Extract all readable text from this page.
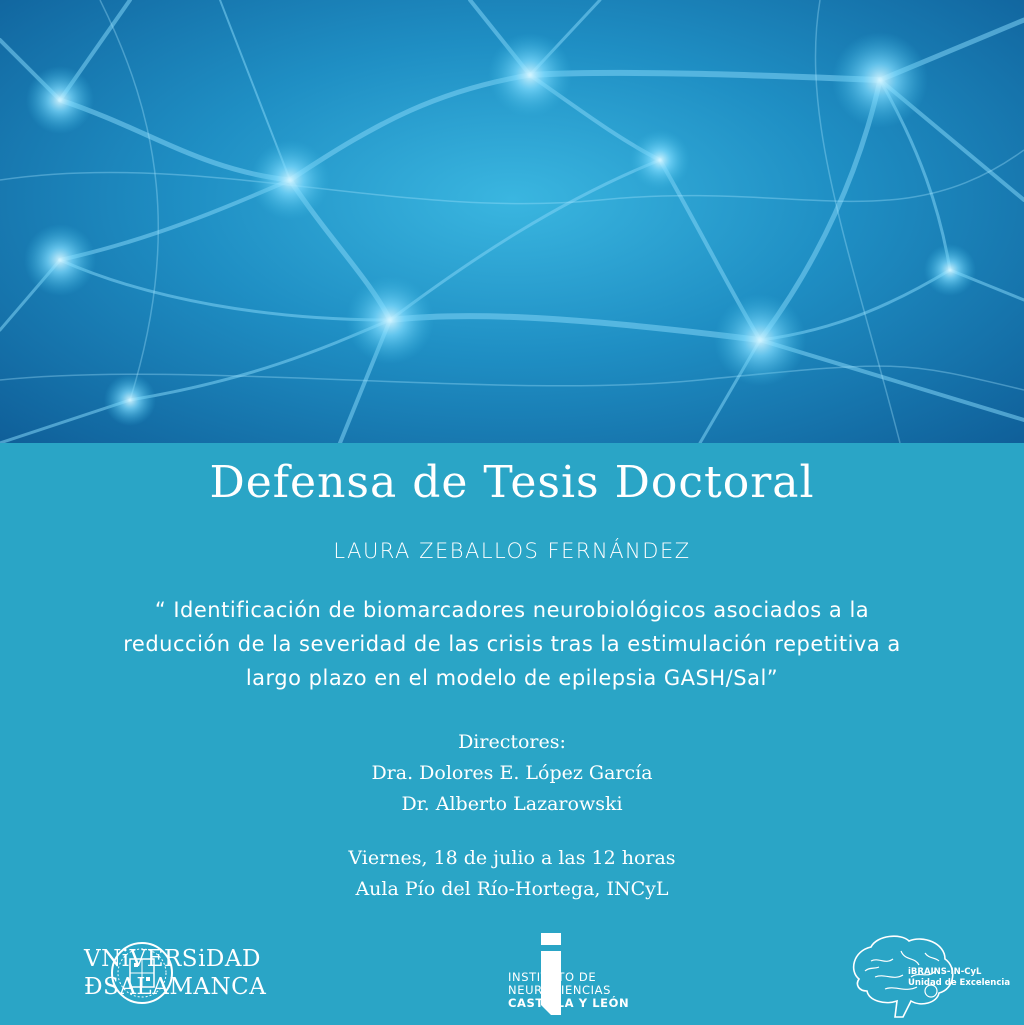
Defensa de Tesis Doctoral
LAURA ZEBALLOS FERNÁNDEZ
“ Identificación de biomarcadores neurobiológicos asociados a la
reducción de la severidad de las crisis tras la estimulación repetitiva a
largo plazo en el modelo de epilepsia GASH/Sal”
Directores:
Dra. Dolores E. López García
Dr. Alberto Lazarowski
Viernes, 18 de julio a las 12 horas
Aula Pío del Río-Hortega, INCyL
VNiVERSiDAD
ÐSALAMANCA	INSTITUTO DE
NEUROCIENCIAS
CASTILLA Y LEÓN
iBRAINS-IN-CyL
Unidad de Excelencia
